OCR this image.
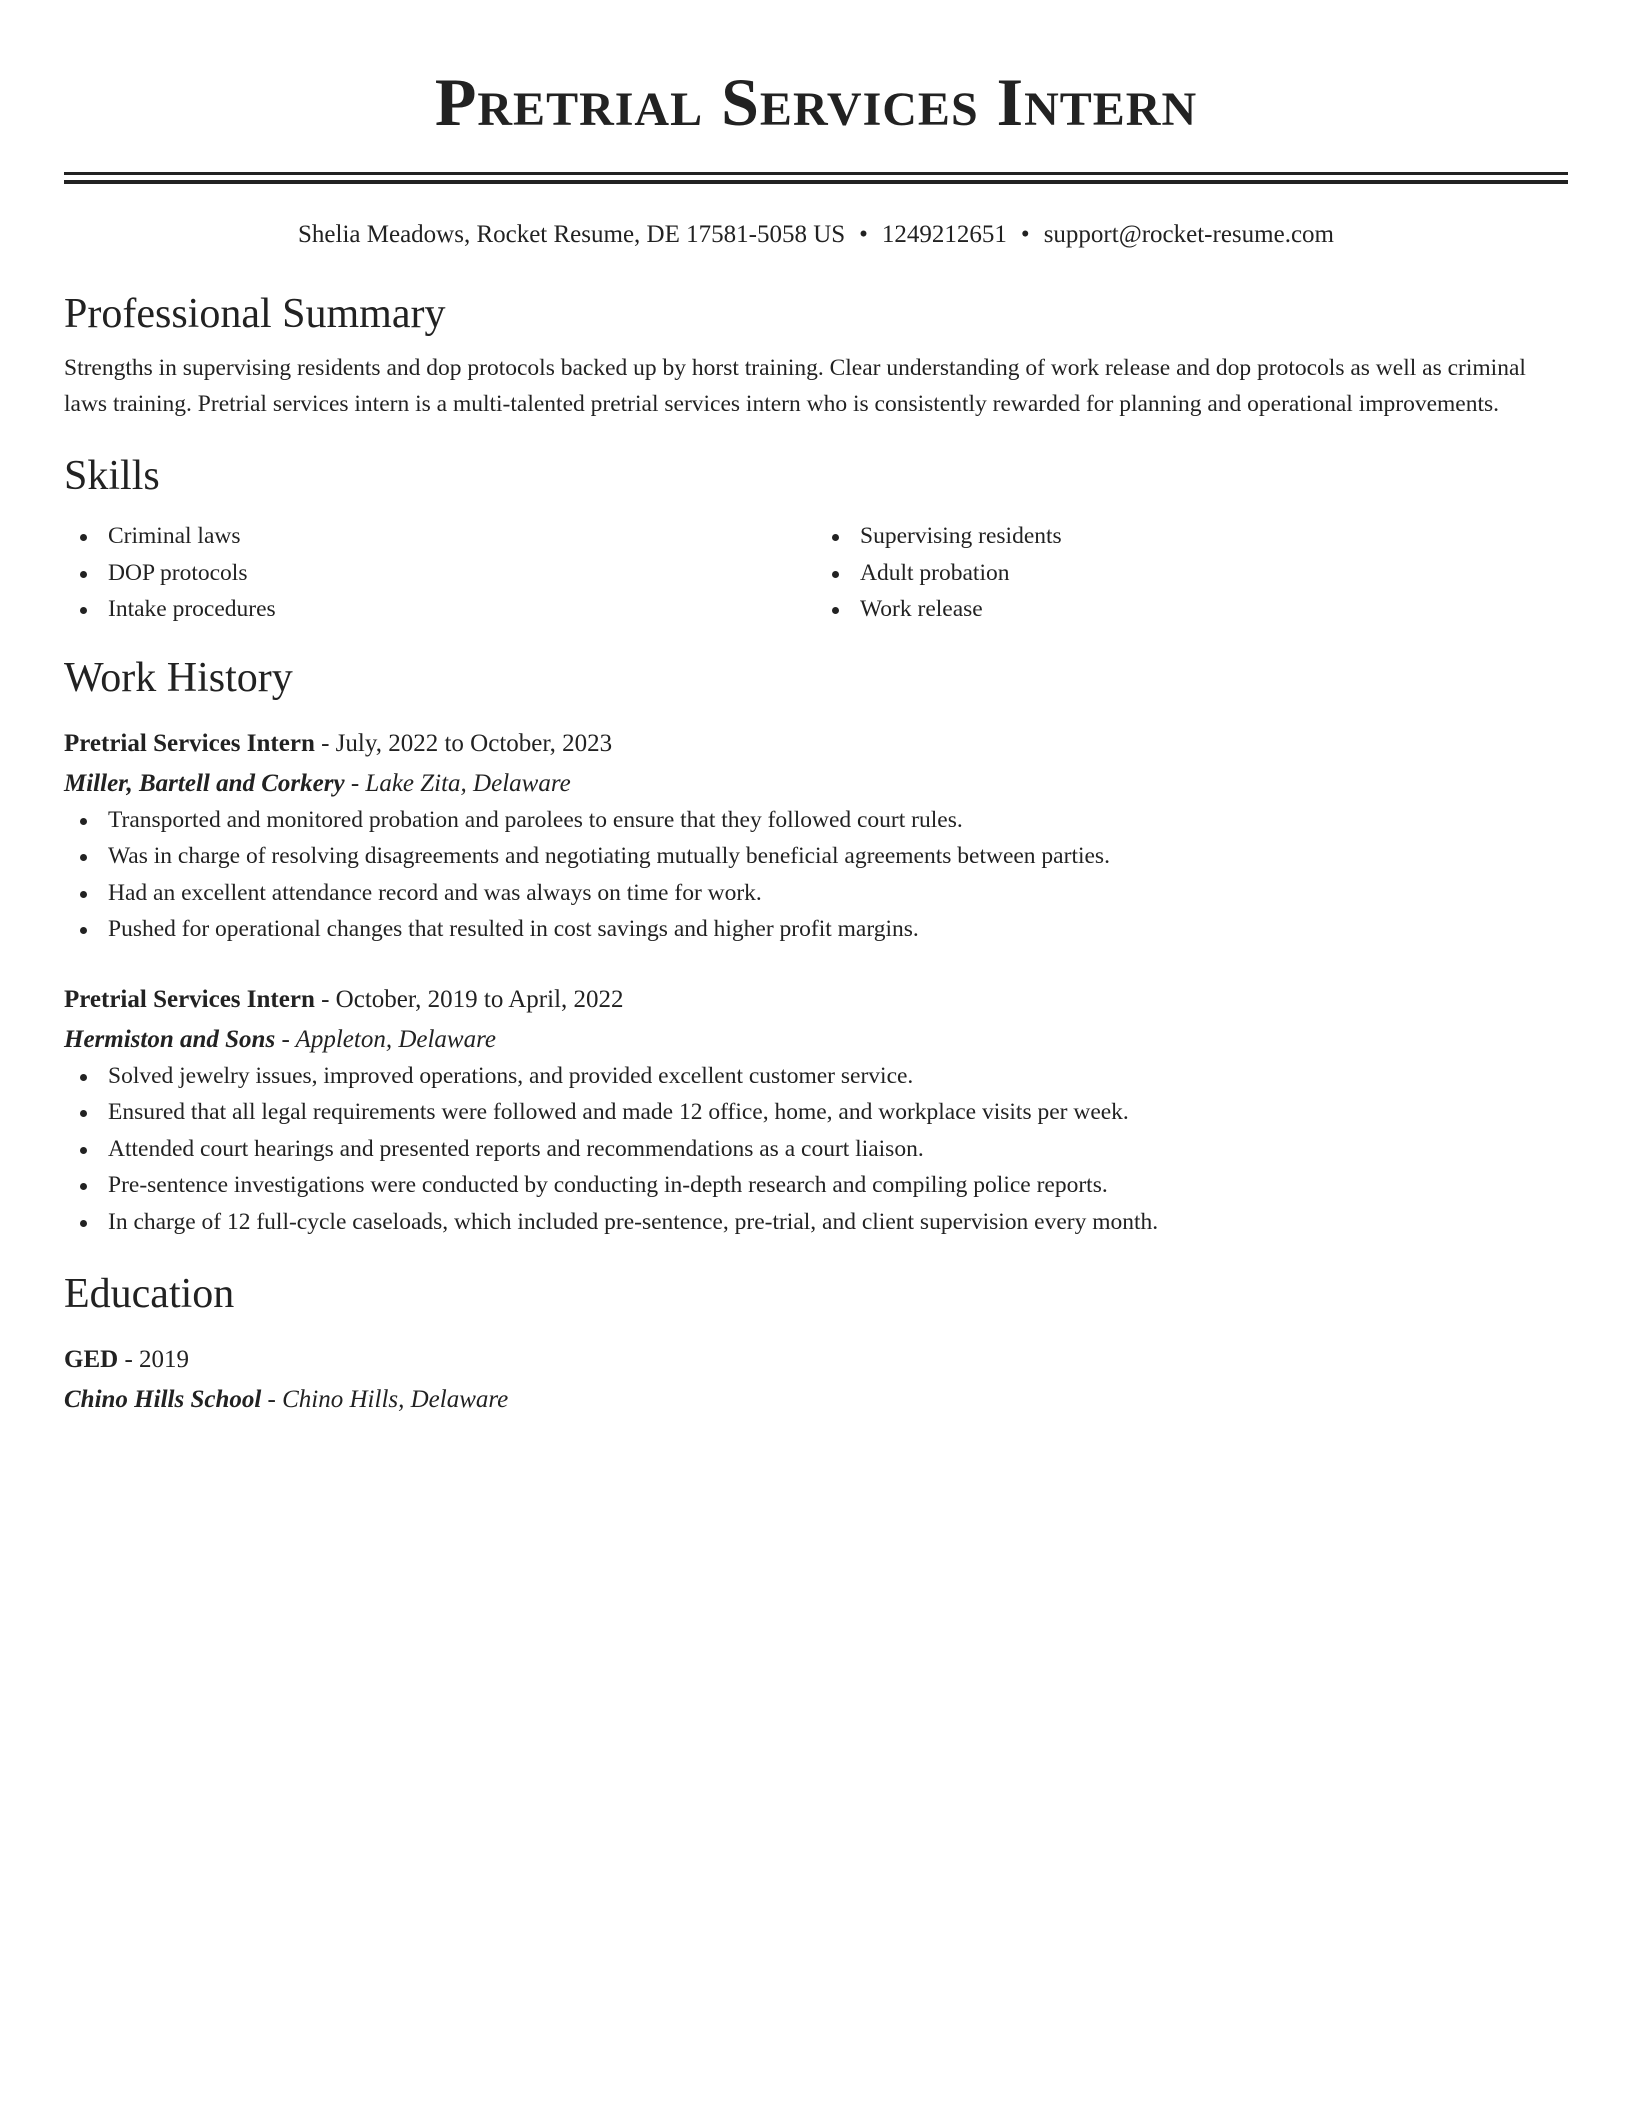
Pretrial Services Intern
Shelia Meadows, Rocket Resume, DE 17581-5058 US • 1249212651 • support@rocket-resume.com
Professional Summary

Strengths in supervising residents and dop protocols backed up by horst training. Clear understanding of work release and dop protocols as well as criminal laws training. Pretrial services intern is a multi-talented pretrial services intern who is consistently rewarded for planning and operational improvements.

Skills
Criminal laws
DOP protocols
Intake procedures
Supervising residents
Adult probation
Work release
Work History
Pretrial Services Intern - July, 2022 to October, 2023
Miller, Bartell and Corkery - Lake Zita, Delaware
Transported and monitored probation and parolees to ensure that they followed court rules.
Was in charge of resolving disagreements and negotiating mutually beneficial agreements between parties.
Had an excellent attendance record and was always on time for work.
Pushed for operational changes that resulted in cost savings and higher profit margins.
Pretrial Services Intern - October, 2019 to April, 2022
Hermiston and Sons - Appleton, Delaware
Solved jewelry issues, improved operations, and provided excellent customer service.
Ensured that all legal requirements were followed and made 12 office, home, and workplace visits per week.
Attended court hearings and presented reports and recommendations as a court liaison.
Pre-sentence investigations were conducted by conducting in-depth research and compiling police reports.
In charge of 12 full-cycle caseloads, which included pre-sentence, pre-trial, and client supervision every month.
Education
GED - 2019
Chino Hills School - Chino Hills, Delaware
